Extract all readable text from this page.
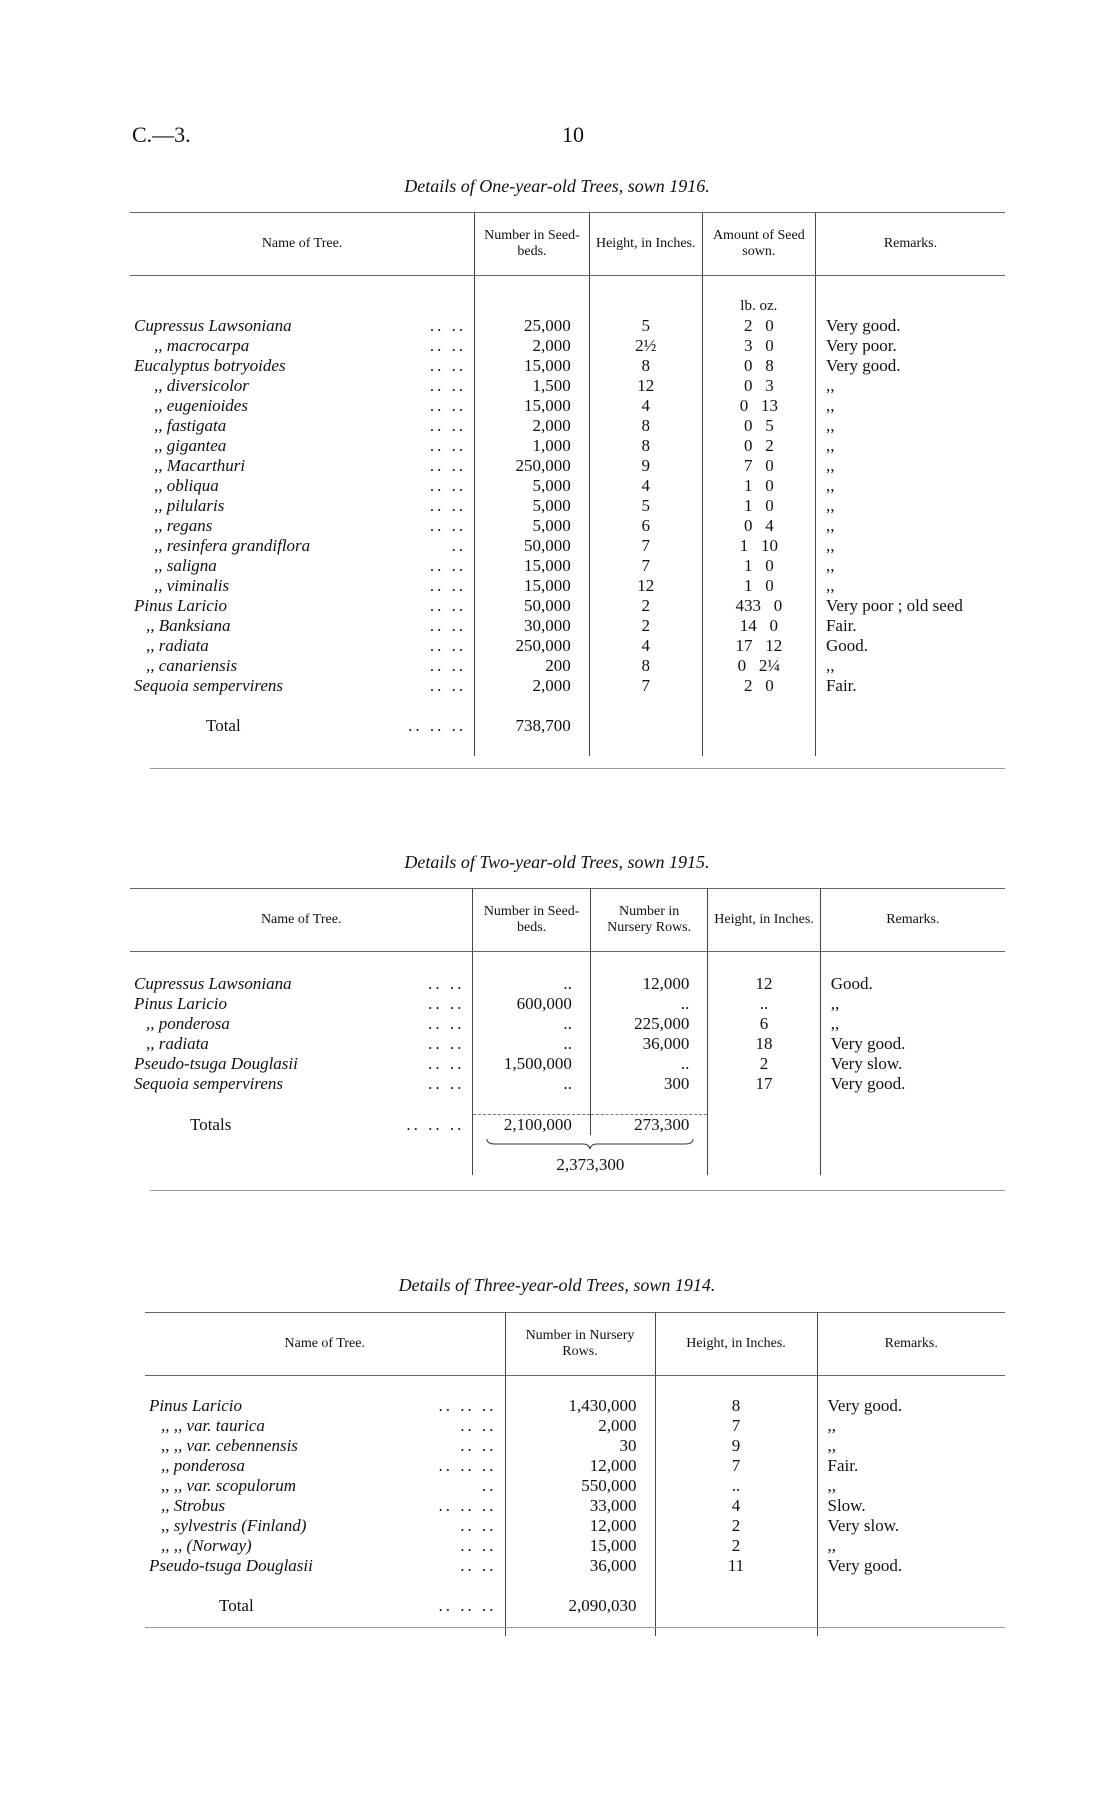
C.—3.	10
Details of One-year-old Trees, sown 1916.
Name of Tree.		Number in Seed-beds.	Height, in Inches.	Amount of Seed sown.	Remarks.

				lb. oz.	
Cupressus Lawsoniana	.. ..	25,000	5	2 0	Very good.
,, macrocarpa	.. ..	2,000	2½	3 0	Very poor.
Eucalyptus botryoides	.. ..	15,000	8	0 8	Very good.
,, diversicolor	.. ..	1,500	12	0 3	,,
,, eugenioides	.. ..	15,000	4	0 13	,,
,, fastigata	.. ..	2,000	8	0 5	,,
,, gigantea	.. ..	1,000	8	0 2	,,
,, Macarthuri	.. ..	250,000	9	7 0	,,
,, obliqua	.. ..	5,000	4	1 0	,,
,, pilularis	.. ..	5,000	5	1 0	,,
,, regans	.. ..	5,000	6	0 4	,,
,, resinfera grandiflora	..	50,000	7	1 10	,,
,, saligna	.. ..	15,000	7	1 0	,,
,, viminalis	.. ..	15,000	12	1 0	,,
Pinus Laricio	.. ..	50,000	2	433 0	Very poor ; old seed
,, Banksiana	.. ..	30,000	2	14 0	Fair.
,, radiata	.. ..	250,000	4	17 12	Good.
,, canariensis	.. ..	200	8	0 2¼	,,
Sequoia sempervirens	.. ..	2,000	7	2 0	Fair.

Total	.. .. ..	738,700			

Details of Two-year-old Trees, sown 1915.
Name of Tree.		Number in Seed-beds.	Number in Nursery Rows.	Height, in Inches.	Remarks.

Cupressus Lawsoniana	.. ..	..	12,000	12	Good.
Pinus Laricio	.. ..	600,000	..	..	,,
,, ponderosa	.. ..	..	225,000	6	,,
,, radiata	.. ..	..	36,000	18	Very good.
Pseudo-tsuga Douglasii	.. ..	1,500,000	..	2	Very slow.
Sequoia sempervirens	.. ..	..	300	17	Very good.

Totals	.. .. ..	2,100,000	273,300		

		2,373,300			
Details of Three-year-old Trees, sown 1914.
Name of Tree.		Number in Nursery Rows.	Height, in Inches.	Remarks.

Pinus Laricio	.. .. ..	1,430,000	8	Very good.
,, ,, var. taurica	.. ..	2,000	7	,,
,, ,, var. cebennensis	.. ..	30	9	,,
,, ponderosa	.. .. ..	12,000	7	Fair.
,, ,, var. scopulorum	..	550,000	..	,,
,, Strobus	.. .. ..	33,000	4	Slow.
,, sylvestris (Finland)	.. ..	12,000	2	Very slow.
,, ,, (Norway)	.. ..	15,000	2	,,
Pseudo-tsuga Douglasii	.. ..	36,000	11	Very good.

Total	.. .. ..	2,090,030		
